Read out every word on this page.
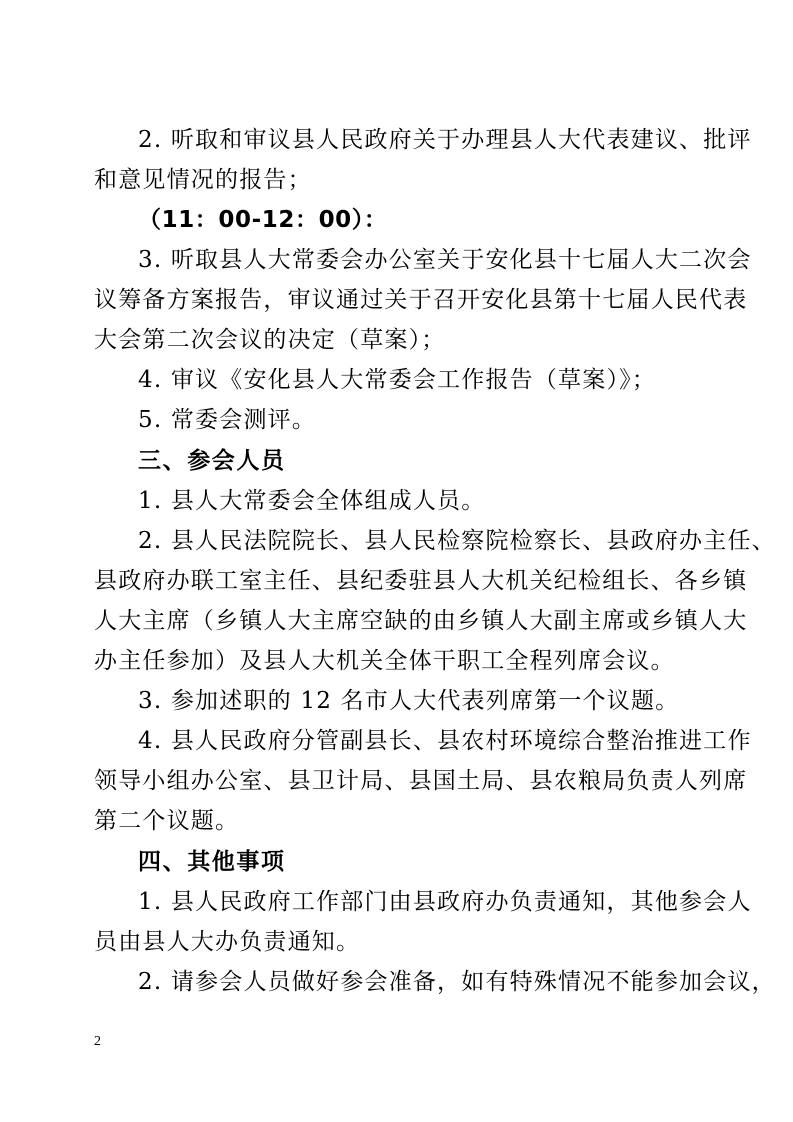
2. 听取和审议县人民政府关于办理县人大代表建议、批评
和意见情况的报告；
（11：00-12：00）：
3. 听取县人大常委会办公室关于安化县十七届人大二次会
议筹备方案报告，审议通过关于召开安化县第十七届人民代表
大会第二次会议的决定（草案）；
4. 审议《安化县人大常委会工作报告（草案）》；
5. 常委会测评。
三、参会人员
1. 县人大常委会全体组成人员。
2. 县人民法院院长、县人民检察院检察长、县政府办主任、
县政府办联工室主任、县纪委驻县人大机关纪检组长、各乡镇
人大主席（乡镇人大主席空缺的由乡镇人大副主席或乡镇人大
办主任参加）及县人大机关全体干职工全程列席会议。
3. 参加述职的 12 名市人大代表列席第一个议题。
4. 县人民政府分管副县长、县农村环境综合整治推进工作
领导小组办公室、县卫计局、县国土局、县农粮局负责人列席
第二个议题。
四、其他事项
1. 县人民政府工作部门由县政府办负责通知，其他参会人
员由县人大办负责通知。
2. 请参会人员做好参会准备，如有特殊情况不能参加会议，
2
